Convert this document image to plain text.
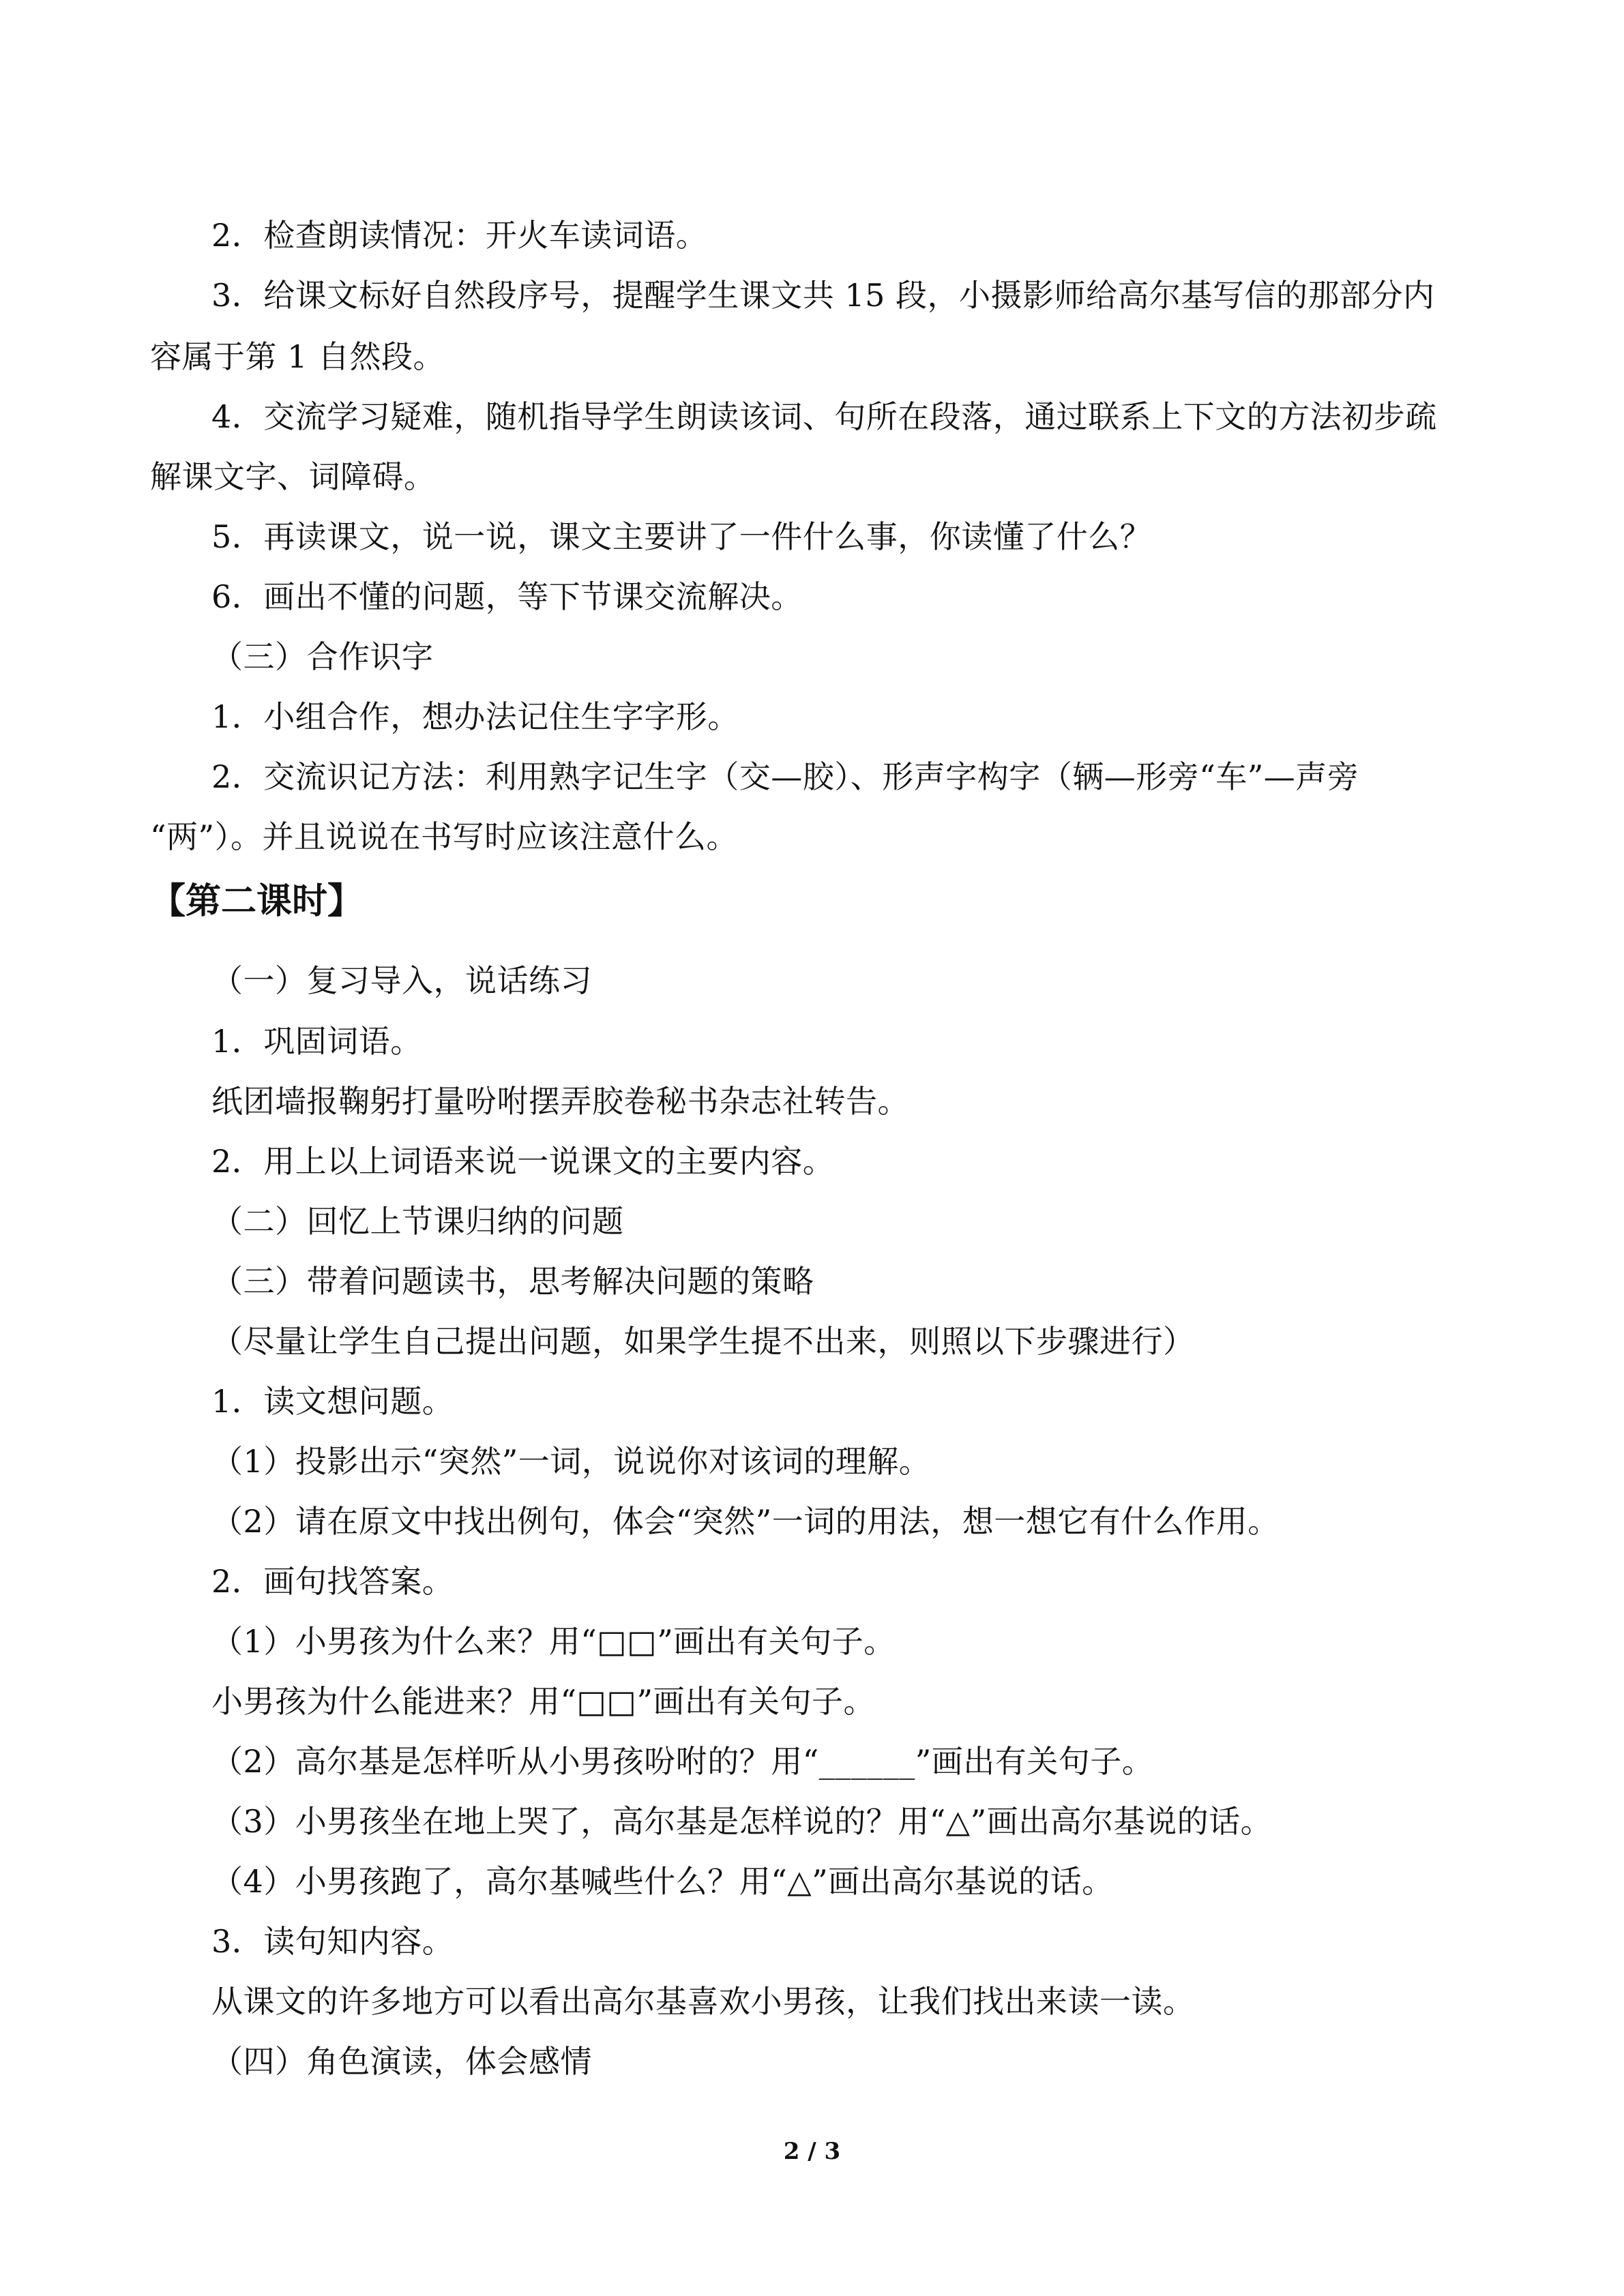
2．检查朗读情况：开火车读词语。
3．给课文标好自然段序号，提醒学生课文共 15 段，小摄影师给高尔基写信的那部分内
容属于第 1 自然段。
4．交流学习疑难，随机指导学生朗读该词、句所在段落，通过联系上下文的方法初步疏
解课文字、词障碍。
5．再读课文，说一说，课文主要讲了一件什么事，你读懂了什么？
6．画出不懂的问题，等下节课交流解决。
（三）合作识字
1．小组合作，想办法记住生字字形。
2．交流识记方法：利用熟字记生字（交—胶）、形声字构字（辆—形旁“车”—声旁
“两”）。并且说说在书写时应该注意什么。
【第二课时】
（一）复习导入，说话练习
1．巩固词语。
纸团墙报鞠躬打量吩咐摆弄胶卷秘书杂志社转告。
2．用上以上词语来说一说课文的主要内容。
（二）回忆上节课归纳的问题
（三）带着问题读书，思考解决问题的策略
（尽量让学生自己提出问题，如果学生提不出来，则照以下步骤进行）
1．读文想问题。
（1）投影出示“突然”一词，说说你对该词的理解。
（2）请在原文中找出例句，体会“突然”一词的用法，想一想它有什么作用。
2．画句找答案。
（1）小男孩为什么来？用“□□”画出有关句子。
小男孩为什么能进来？用“□□”画出有关句子。
（2）高尔基是怎样听从小男孩吩咐的？用“______”画出有关句子。
（3）小男孩坐在地上哭了，高尔基是怎样说的？用“△”画出高尔基说的话。
（4）小男孩跑了，高尔基喊些什么？用“△”画出高尔基说的话。
3．读句知内容。
从课文的许多地方可以看出高尔基喜欢小男孩，让我们找出来读一读。
（四）角色演读，体会感情
2 / 3
